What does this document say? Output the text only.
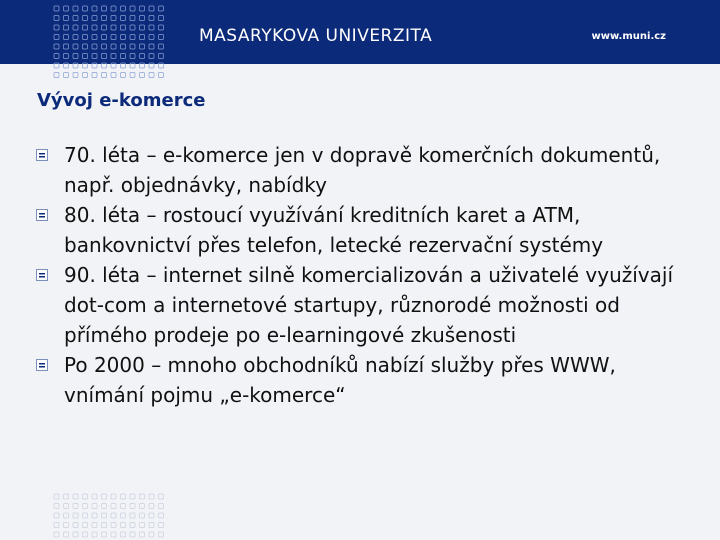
MASARYKOVA UNIVERZITA	www.muni.cz
Vývoj e-komerce
70. léta – e-komerce jen v dopravě komerčních dokumentů, např. objednávky, nabídky
80. léta – rostoucí využívání kreditních karet a ATM, bankovnictví přes telefon, letecké rezervační systémy
90. léta – internet silně komercializován a uživatelé využívají dot-com a internetové startupy, různorodé možnosti od přímého prodeje po e-learningové zkušenosti
Po 2000 – mnoho obchodníků nabízí služby přes WWW, vnímání pojmu „e-komerce“
